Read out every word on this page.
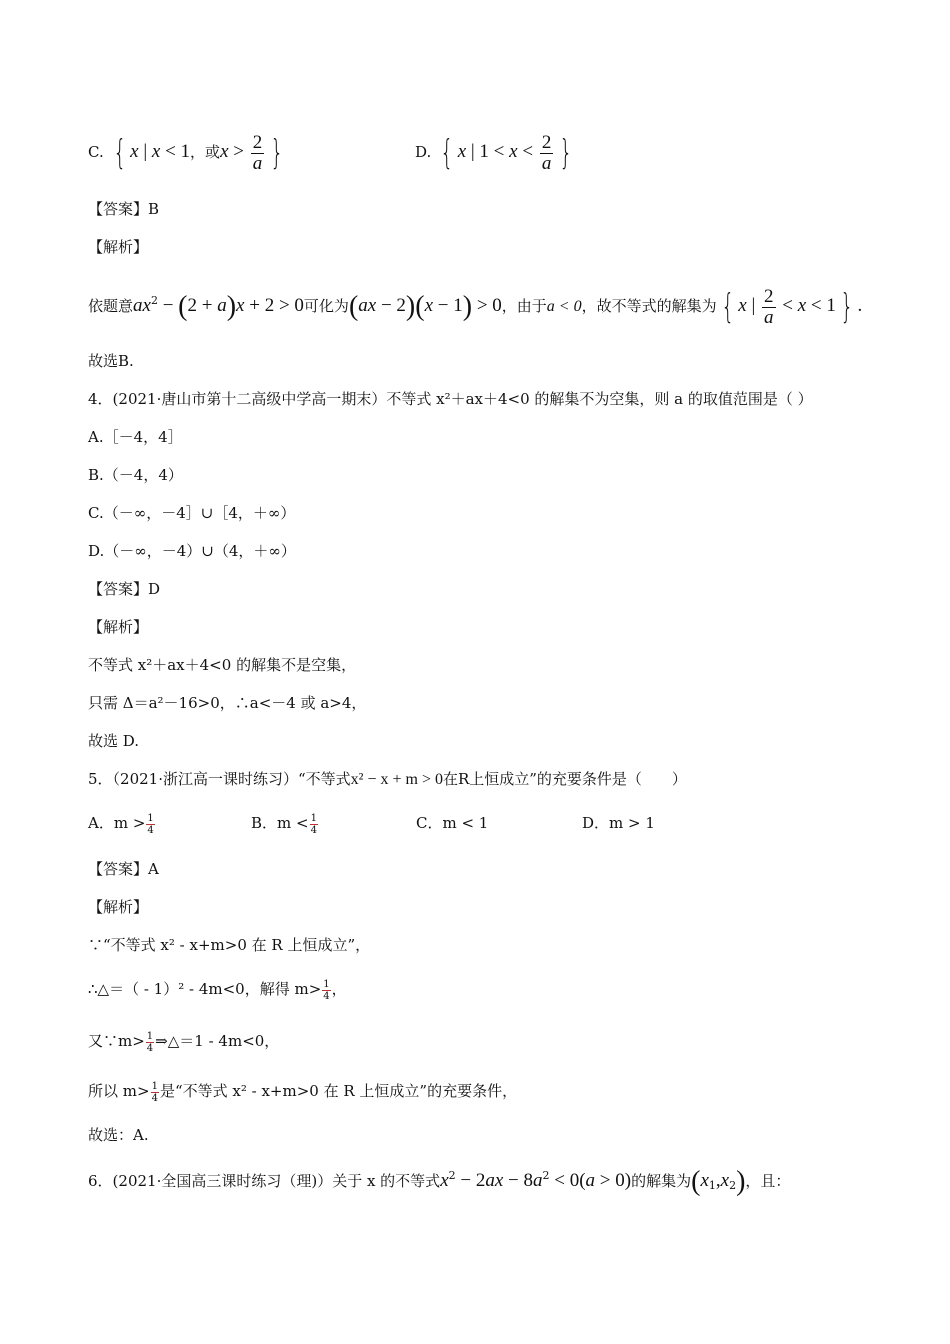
C. { x | x < 1，或$x > \frac{2}{a}$ }	D. { x | $1 < x < \frac{2}{a}$ }
【答案】B
【解析】
依题意$ax^2 - (2 + a)x + 2 > 0$可化为(ax − 2)(x − 1) > 0，由于a < 0，故不等式的解集为 { x | $\frac{2}{a} < x < 1$ } .
故选B.
4．(2021·唐山市第十二高级中学高一期末）不等式 x²＋ax＋4<0 的解集不为空集，则 a 的取值范围是（ ）
A.［－4，4］
B.（－4，4）
C.（－∞，－4］∪［4，＋∞）
D.（－∞，－4）∪（4，＋∞）
【答案】D
【解析】
不等式 x²＋ax＋4<0 的解集不是空集，
只需 Δ＝a²－16>0，∴a<－4 或 a>4，
故选 D.
5．（2021·浙江高一课时练习）“不等式x² − x + m > 0在R上恒成立”的充要条件是（　　）
A．$m > \frac{1}{4}$	B．$m < \frac{1}{4}$	C．m < 1	D．m > 1
【答案】A
【解析】
∵“不等式 x² - x+m>0 在 R 上恒成立”，
∴△＝（ - 1）² - 4m<0，解得 $m> \frac{1}{4}$ ，
又∵m> $\frac{1}{4}$ ⇒△＝1 - 4m<0，
所以 $m> \frac{1}{4}$ 是“不等式 x² - x+m>0 在 R 上恒成立”的充要条件，
故选：A.
6．(2021·全国高三课时练习（理)）关于 x 的不等式$x^2 - 2ax - 8a^2 < 0(a > 0)$的解集为$(x_1,x_2)$，且：
